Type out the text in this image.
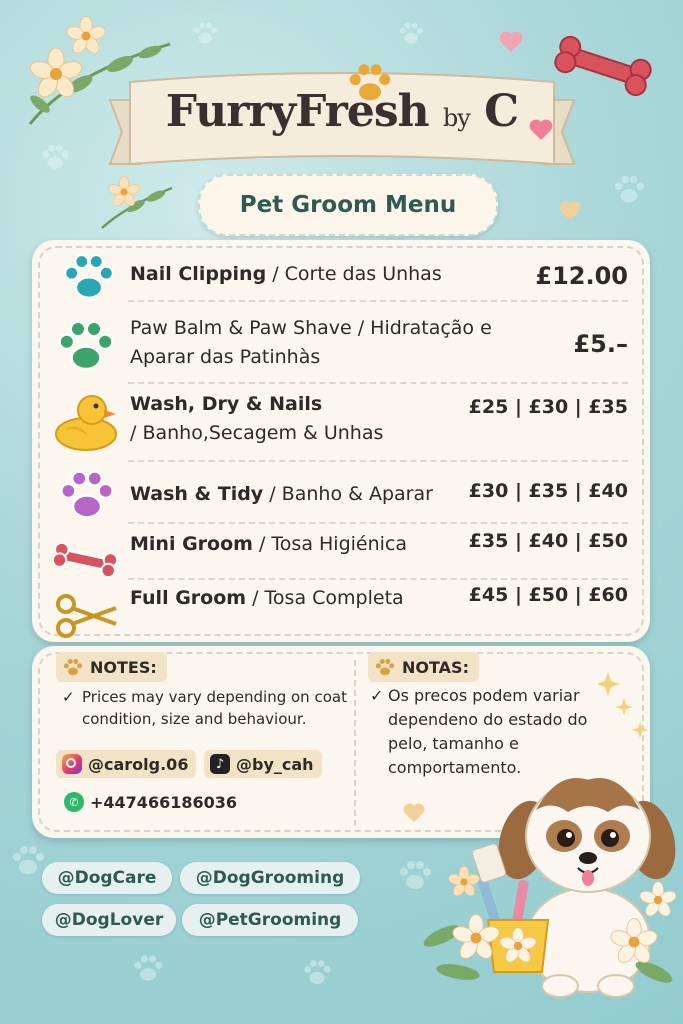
FurryFresh by C
Pet Groom Menu
Nail Clipping / Corte das Unhas	£12.00
Paw Balm & Paw Shave / Hidratação e
Aparar das Patinhàs	£5.–
Wash, Dry & Nails
/ Banho,Secagem & Unhas
£25 | £30 | £35
Wash & Tidy / Banho & Aparar £30 | £35 | £40
Mini Groom / Tosa Higiénica	£35 | £40 | £50
Full Groom / Tosa Completa	£45 | £50 | £60
NOTES:
✓ Prices may vary depending on coat condition, size and behaviour.
NOTAS:
✓ Os precos podem variar dependeno do estado do pelo, tamanho e comportamento.
@carolg.06	♪ @by_cah
✆ +447466186036
@DogCare	@DogGrooming
@DogLover	@PetGrooming
